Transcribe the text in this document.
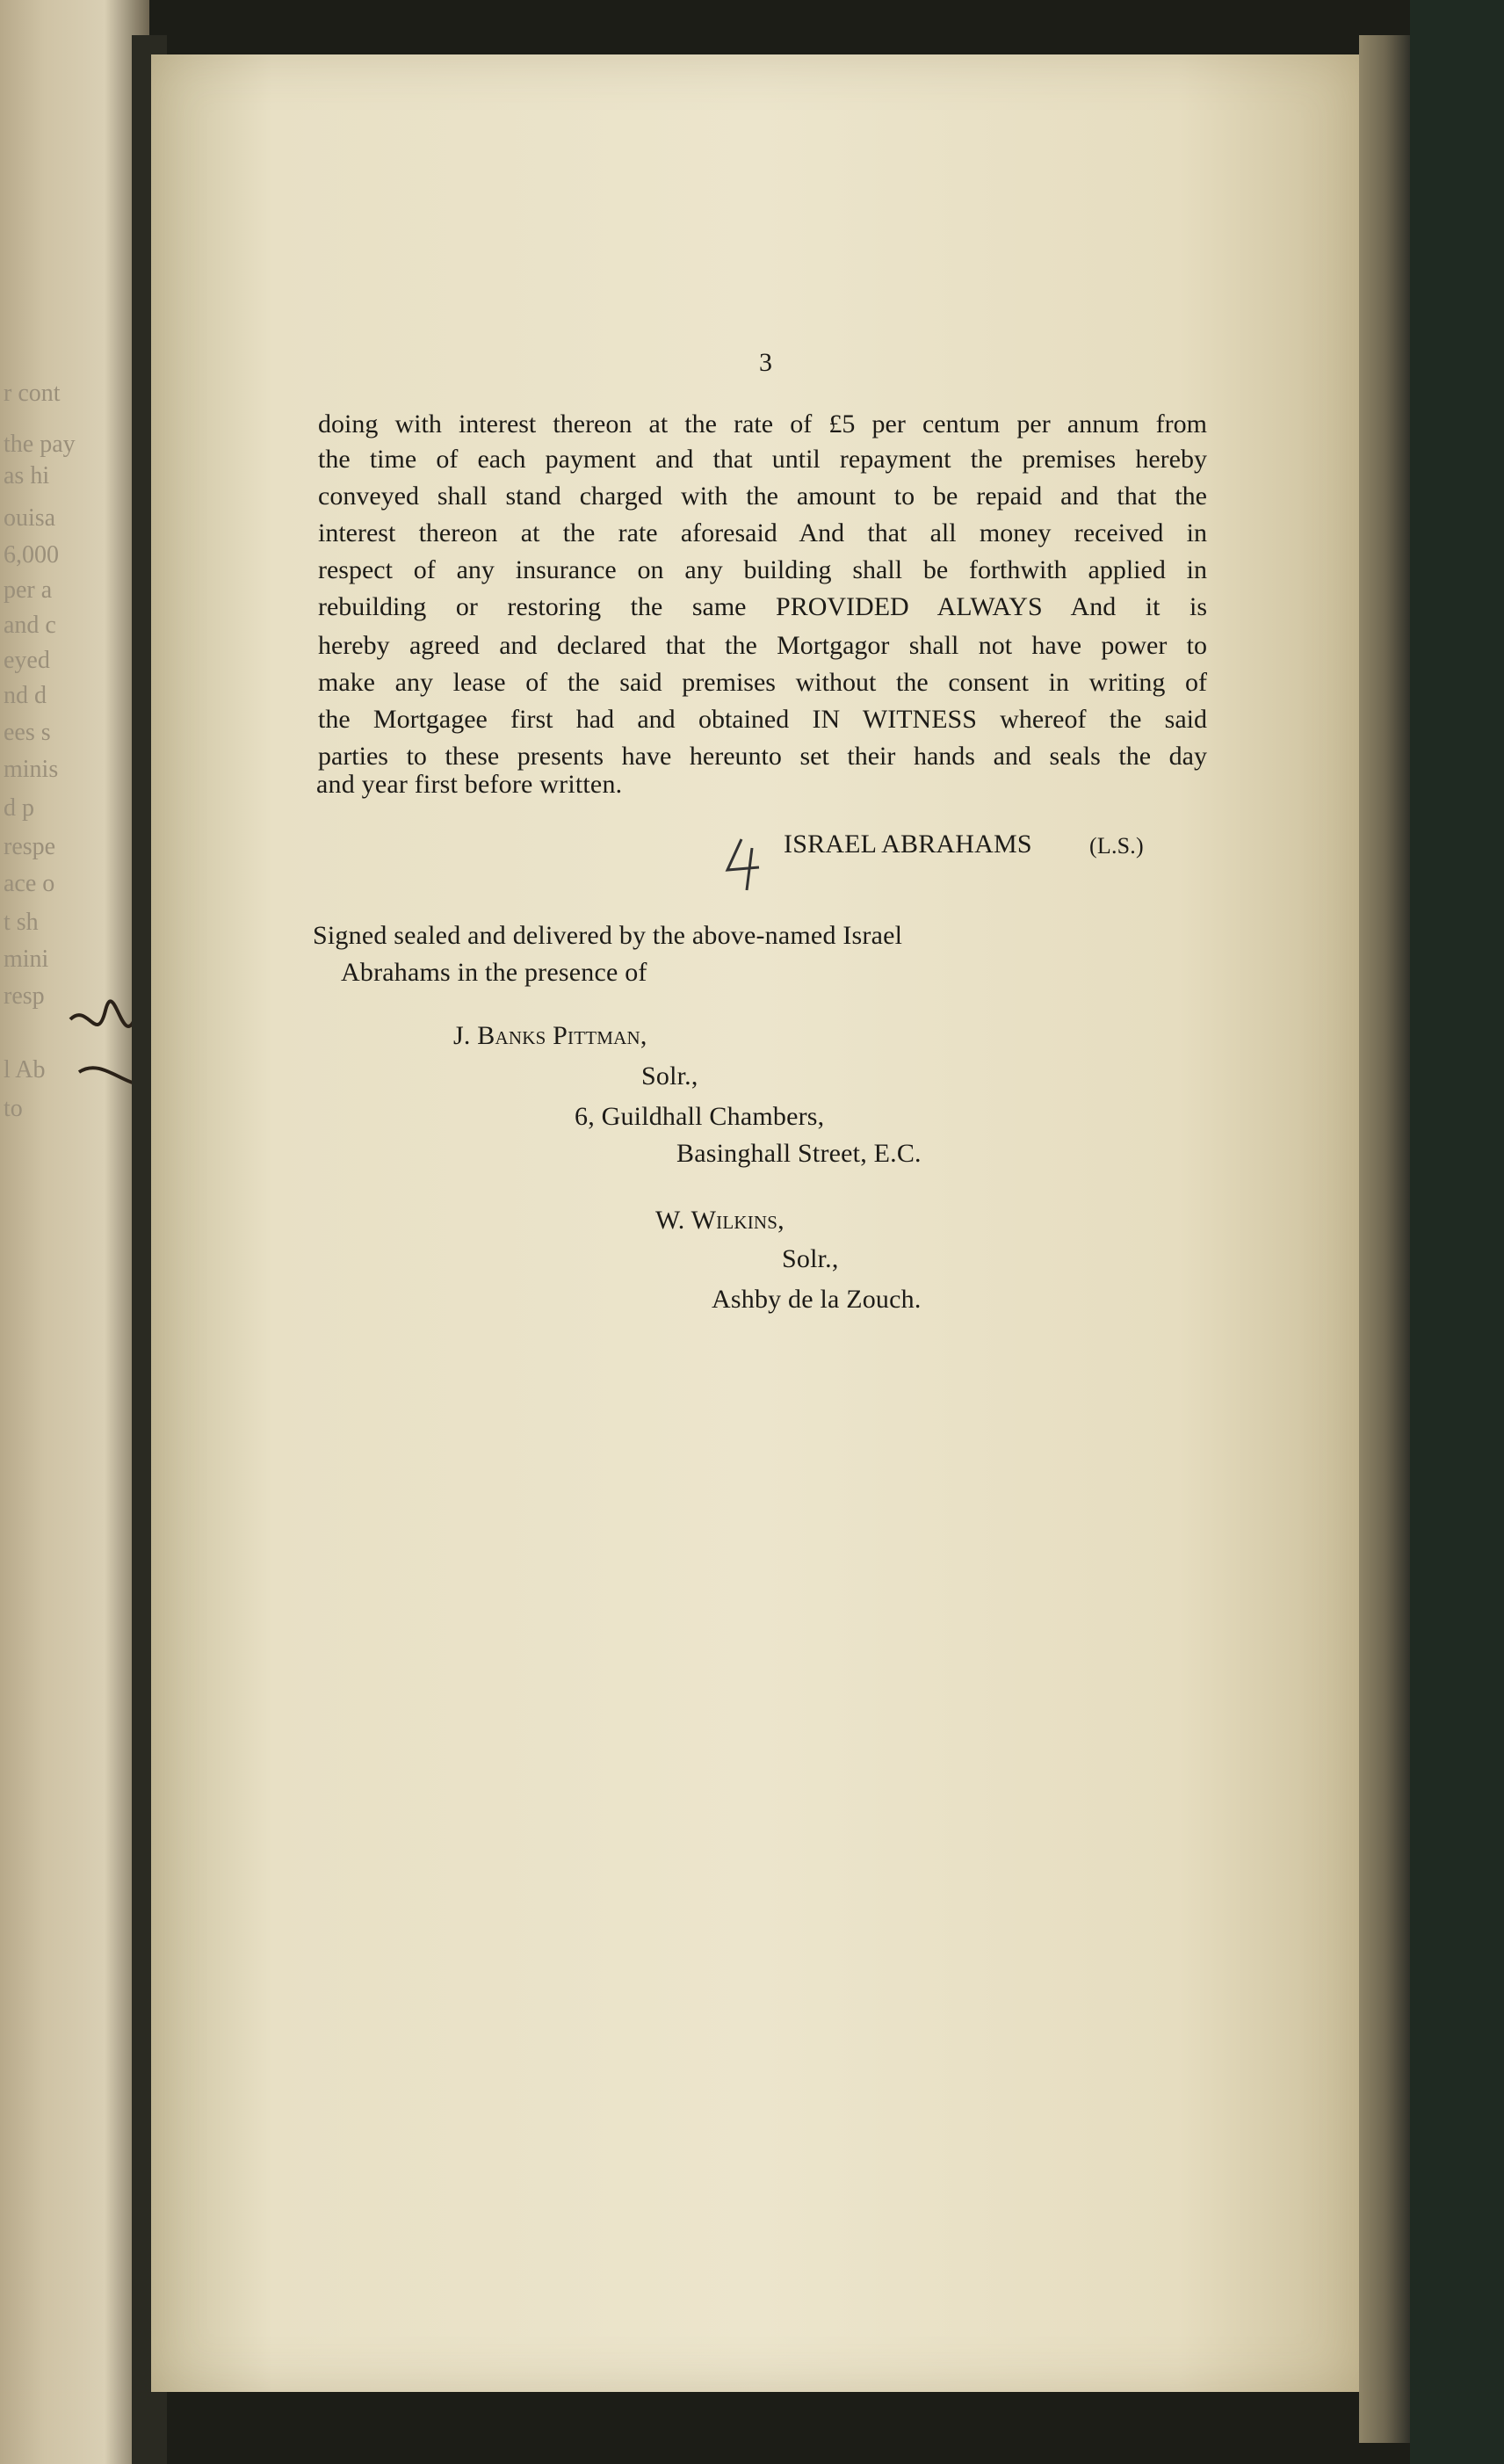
r cont
the pay
as hi
ouisa
6,000
per a
and c
eyed
nd d
ees s
minis
d p
respe
ace o
t sh
mini
resp
l Ab
to
3
doing with interest thereon at the rate of £5 per centum per annum from
the time of each payment and that until repayment the premises hereby
conveyed shall stand charged with the amount to be repaid and that the
interest thereon at the rate aforesaid And that all money received in
respect of any insurance on any building shall be forthwith applied in
rebuilding or restoring the same PROVIDED ALWAYS And it is
hereby agreed and declared that the Mortgagor shall not have power to
make any lease of the said premises without the consent in writing of
the Mortgagee first had and obtained IN WITNESS whereof the said
parties to these presents have hereunto set their hands and seals the day
and year first before written.
ISRAEL ABRAHAMS	(L.S.)
Signed sealed and delivered by the above-named Israel
Abrahams in the presence of
J. Banks Pittman,
Solr.,
6, Guildhall Chambers,
Basinghall Street, E.C.
W. Wilkins,
Solr.,
Ashby de la Zouch.
